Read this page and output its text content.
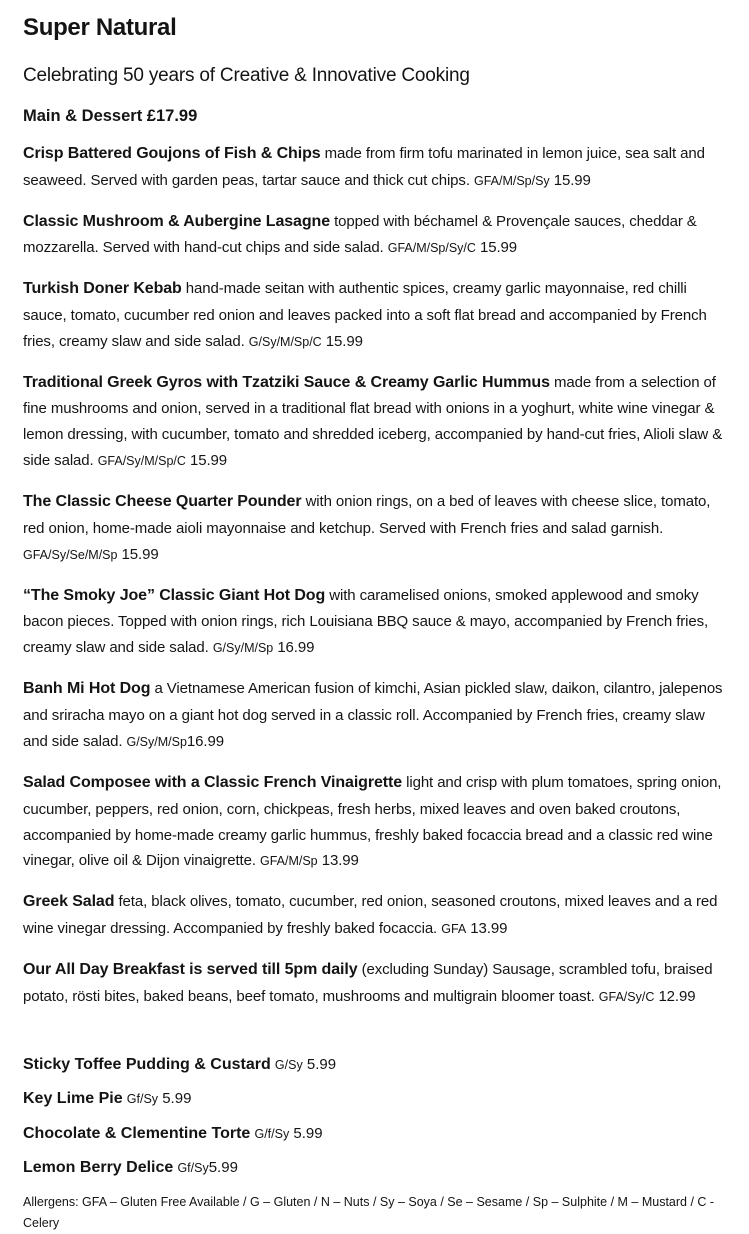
Super Natural

Celebrating 50 years of Creative & Innovative Cooking

Main & Dessert £17.99

Crisp Battered Goujons of Fish & Chips made from firm tofu marinated in lemon juice, sea salt and seaweed. Served with garden peas, tartar sauce and thick cut chips. GFA/M/Sp/Sy 15.99

Classic Mushroom & Aubergine Lasagne topped with béchamel & Provençale sauces, cheddar & mozzarella. Served with hand-cut chips and side salad. GFA/M/Sp/Sy/C 15.99

Turkish Doner Kebab hand-made seitan with authentic spices, creamy garlic mayonnaise, red chilli sauce, tomato, cucumber red onion and leaves packed into a soft flat bread and accompanied by French fries, creamy slaw and side salad. G/Sy/M/Sp/C 15.99

Traditional Greek Gyros with Tzatziki Sauce & Creamy Garlic Hummus made from a selection of fine mushrooms and onion, served in a traditional flat bread with onions in a yoghurt, white wine vinegar & lemon dressing, with cucumber, tomato and shredded iceberg, accompanied by hand-cut fries, Alioli slaw & side salad. GFA/Sy/M/Sp/C 15.99

The Classic Cheese Quarter Pounder with onion rings, on a bed of leaves with cheese slice, tomato, red onion, home-made aioli mayonnaise and ketchup. Served with French fries and salad garnish. GFA/Sy/Se/M/Sp 15.99

“The Smoky Joe” Classic Giant Hot Dog with caramelised onions, smoked applewood and smoky bacon pieces. Topped with onion rings, rich Louisiana BBQ sauce & mayo, accompanied by French fries, creamy slaw and side salad. G/Sy/M/Sp 16.99

Banh Mi Hot Dog a Vietnamese American fusion of kimchi, Asian pickled slaw, daikon, cilantro, jalepenos and sriracha mayo on a giant hot dog served in a classic roll. Accompanied by French fries, creamy slaw and side salad. G/Sy/M/Sp16.99

Salad Composee with a Classic French Vinaigrette light and crisp with plum tomatoes, spring onion, cucumber, peppers, red onion, corn, chickpeas, fresh herbs, mixed leaves and oven baked croutons, accompanied by home-made creamy garlic hummus, freshly baked focaccia bread and a classic red wine vinegar, olive oil & Dijon vinaigrette. GFA/M/Sp 13.99

Greek Salad feta, black olives, tomato, cucumber, red onion, seasoned croutons, mixed leaves and a red wine vinegar dressing. Accompanied by freshly baked focaccia. GFA 13.99

Our All Day Breakfast is served till 5pm daily (excluding Sunday) Sausage, scrambled tofu, braised potato, rösti bites, baked beans, beef tomato, mushrooms and multigrain bloomer toast. GFA/Sy/C 12.99

Sticky Toffee Pudding & Custard G/Sy 5.99

Key Lime Pie Gf/Sy 5.99

Chocolate & Clementine Torte G/f/Sy 5.99

Lemon Berry Delice Gf/Sy5.99

Allergens: GFA – Gluten Free Available / G – Gluten / N – Nuts / Sy – Soya / Se – Sesame / Sp – Sulphite / M – Mustard / C - Celery
